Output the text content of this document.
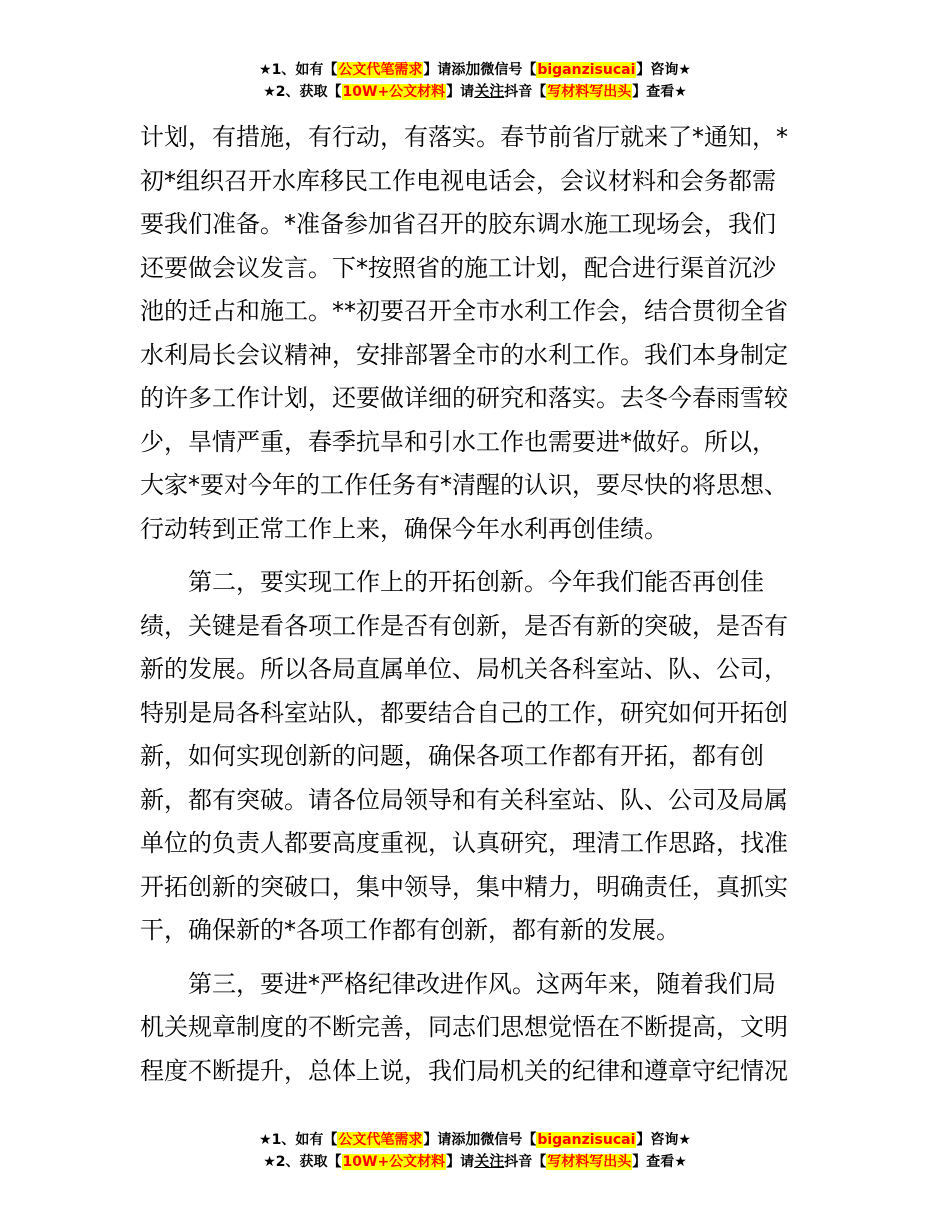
★1、如有【公文代笔需求】请添加微信号【biganzisucai】咨询★
★2、获取【10W+公文材料】请关注抖音【写材料写出头】查看★

计划，有措施，有行动，有落实。春节前省厅就来了*通知，*
初*组织召开水库移民工作电视电话会，会议材料和会务都需
要我们准备。*准备参加省召开的胶东调水施工现场会，我们
还要做会议发言。下*按照省的施工计划，配合进行渠首沉沙
池的迁占和施工。**初要召开全市水利工作会，结合贯彻全省
水利局长会议精神，安排部署全市的水利工作。我们本身制定
的许多工作计划，还要做详细的研究和落实。去冬今春雨雪较
少，旱情严重，春季抗旱和引水工作也需要进*做好。所以，
大家*要对今年的工作任务有*清醒的认识，要尽快的将思想、
行动转到正常工作上来，确保今年水利再创佳绩。

　　第二，要实现工作上的开拓创新。今年我们能否再创佳
绩，关键是看各项工作是否有创新，是否有新的突破，是否有
新的发展。所以各局直属单位、局机关各科室站、队、公司，
特别是局各科室站队，都要结合自己的工作，研究如何开拓创
新，如何实现创新的问题，确保各项工作都有开拓，都有创
新，都有突破。请各位局领导和有关科室站、队、公司及局属
单位的负责人都要高度重视，认真研究，理清工作思路，找准
开拓创新的突破口，集中领导，集中精力，明确责任，真抓实
干，确保新的*各项工作都有创新，都有新的发展。

　　第三，要进*严格纪律改进作风。这两年来，随着我们局
机关规章制度的不断完善，同志们思想觉悟在不断提高，文明
程度不断提升，总体上说，我们局机关的纪律和遵章守纪情况

★1、如有【公文代笔需求】请添加微信号【biganzisucai】咨询★
★2、获取【10W+公文材料】请关注抖音【写材料写出头】查看★
